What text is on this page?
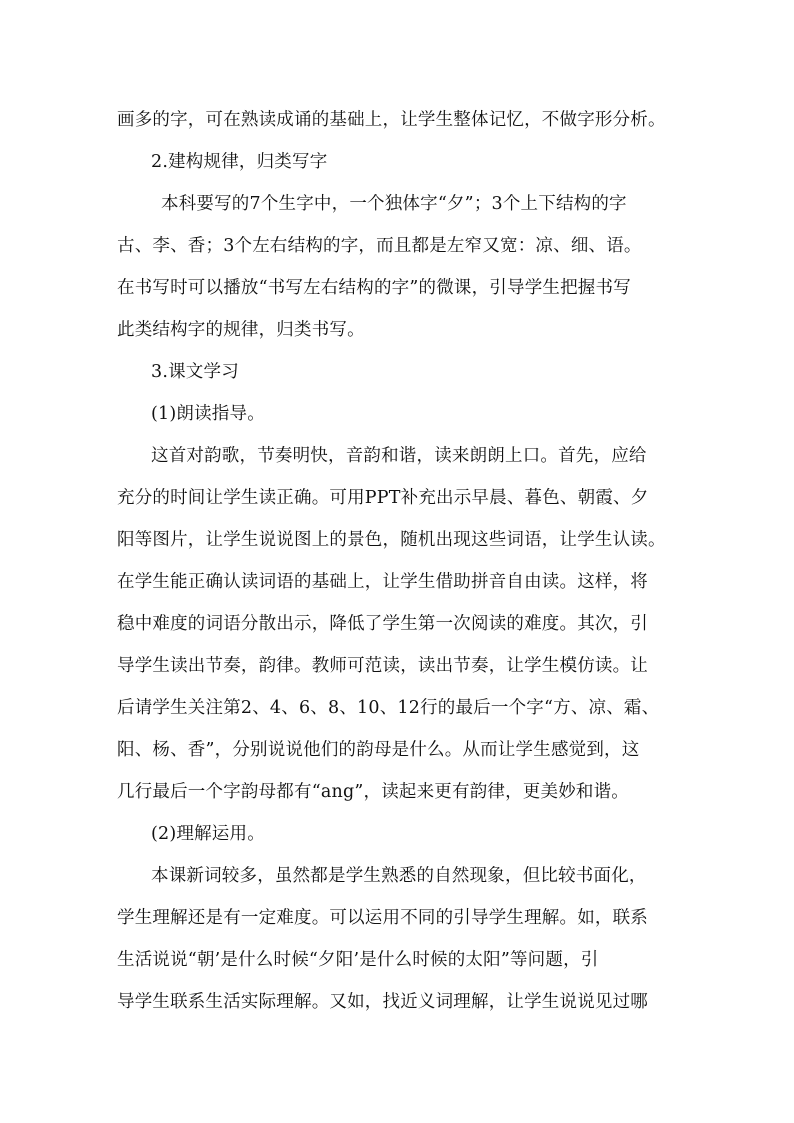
画多的字，可在熟读成诵的基础上，让学生整体记忆，不做字形分析。
2.建构规律，归类写字
本科要写的7个生字中，一个独体字“夕”；3个上下结构的字
古、李、香；3个左右结构的字，而且都是左窄又宽：凉、细、语。
在书写时可以播放“书写左右结构的字”的微课，引导学生把握书写
此类结构字的规律，归类书写。
3.课文学习
(1)朗读指导。
这首对韵歌，节奏明快，音韵和谐，读来朗朗上口。首先，应给
充分的时间让学生读正确。可用PPT补充出示早晨、暮色、朝霞、夕
阳等图片，让学生说说图上的景色，随机出现这些词语，让学生认读。
在学生能正确认读词语的基础上，让学生借助拼音自由读。这样，将
稳中难度的词语分散出示，降低了学生第一次阅读的难度。其次，引
导学生读出节奏，韵律。教师可范读，读出节奏，让学生模仿读。让
后请学生关注第2、4、6、8、10、12行的最后一个字“方、凉、霜、
阳、杨、香”，分别说说他们的韵母是什么。从而让学生感觉到，这
几行最后一个字韵母都有“ang”，读起来更有韵律，更美妙和谐。
(2)理解运用。
本课新词较多，虽然都是学生熟悉的自然现象，但比较书面化，
学生理解还是有一定难度。可以运用不同的引导学生理解。如，联系
生活说说“朝’是什么时候“夕阳’是什么时候的太阳”等问题，引
导学生联系生活实际理解。又如，找近义词理解，让学生说说见过哪
